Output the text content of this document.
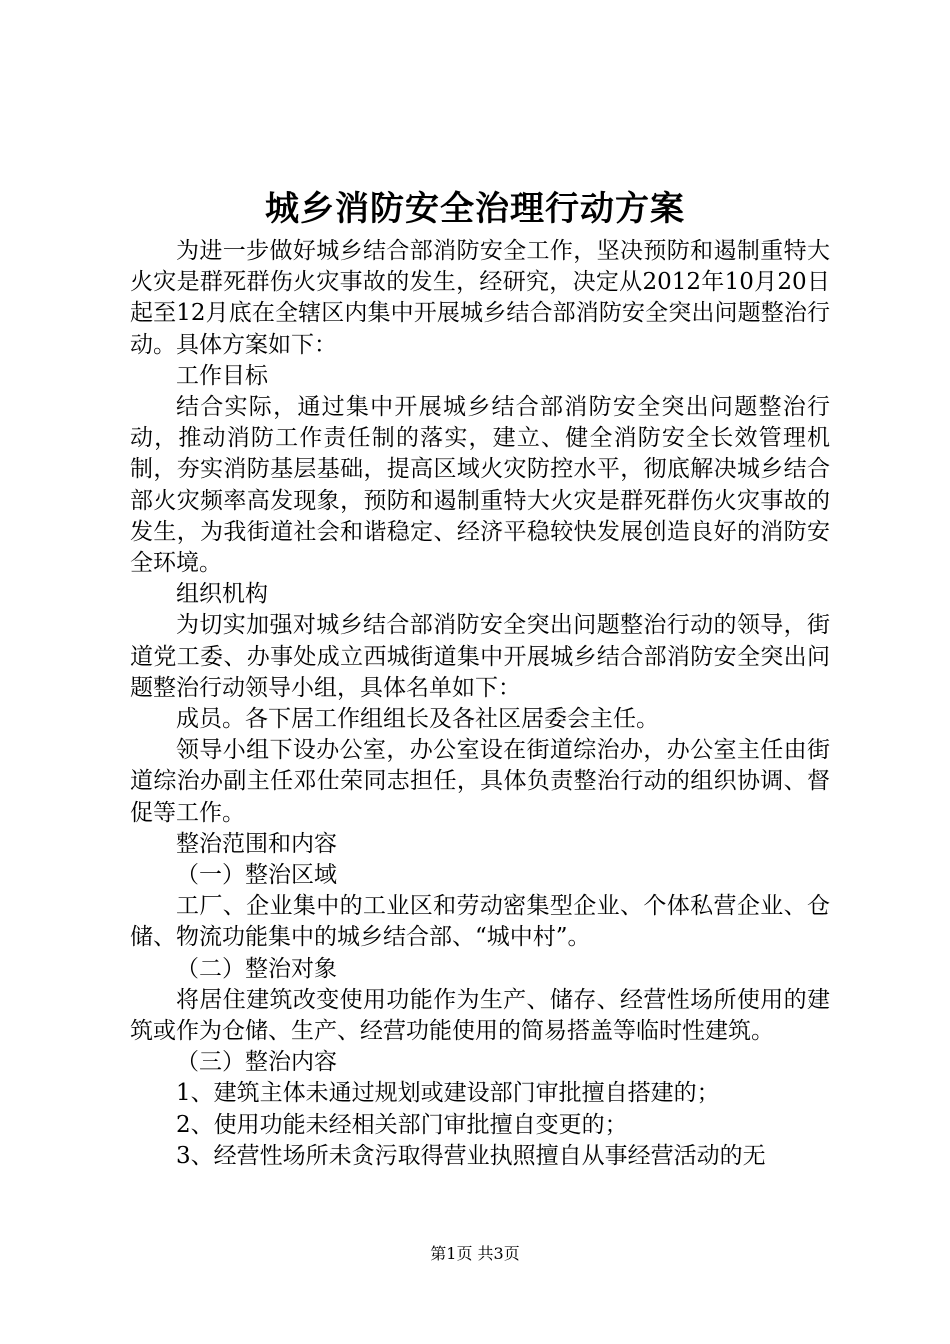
城乡消防安全治理行动方案

为进一步做好城乡结合部消防安全工作，坚决预防和遏制重特大火灾是群死群伤火灾事故的发生，经研究，决定从2012年10月20日起至12月底在全辖区内集中开展城乡结合部消防安全突出问题整治行动。具体方案如下：

工作目标

结合实际，通过集中开展城乡结合部消防安全突出问题整治行动，推动消防工作责任制的落实，建立、健全消防安全长效管理机制，夯实消防基层基础，提高区域火灾防控水平，彻底解决城乡结合部火灾频率高发现象，预防和遏制重特大火灾是群死群伤火灾事故的发生，为我街道社会和谐稳定、经济平稳较快发展创造良好的消防安全环境。

组织机构

为切实加强对城乡结合部消防安全突出问题整治行动的领导，街道党工委、办事处成立西城街道集中开展城乡结合部消防安全突出问题整治行动领导小组，具体名单如下：

成员。各下居工作组组长及各社区居委会主任。

领导小组下设办公室，办公室设在街道综治办，办公室主任由街道综治办副主任邓仕荣同志担任，具体负责整治行动的组织协调、督促等工作。

整治范围和内容

（一）整治区域

工厂、企业集中的工业区和劳动密集型企业、个体私营企业、仓储、物流功能集中的城乡结合部、“城中村”。

（二）整治对象

将居住建筑改变使用功能作为生产、储存、经营性场所使用的建筑或作为仓储、生产、经营功能使用的简易搭盖等临时性建筑。

（三）整治内容

1、建筑主体未通过规划或建设部门审批擅自搭建的；

2、使用功能未经相关部门审批擅自变更的；

3、经营性场所未贪污取得营业执照擅自从事经营活动的无

第1页 共3页
